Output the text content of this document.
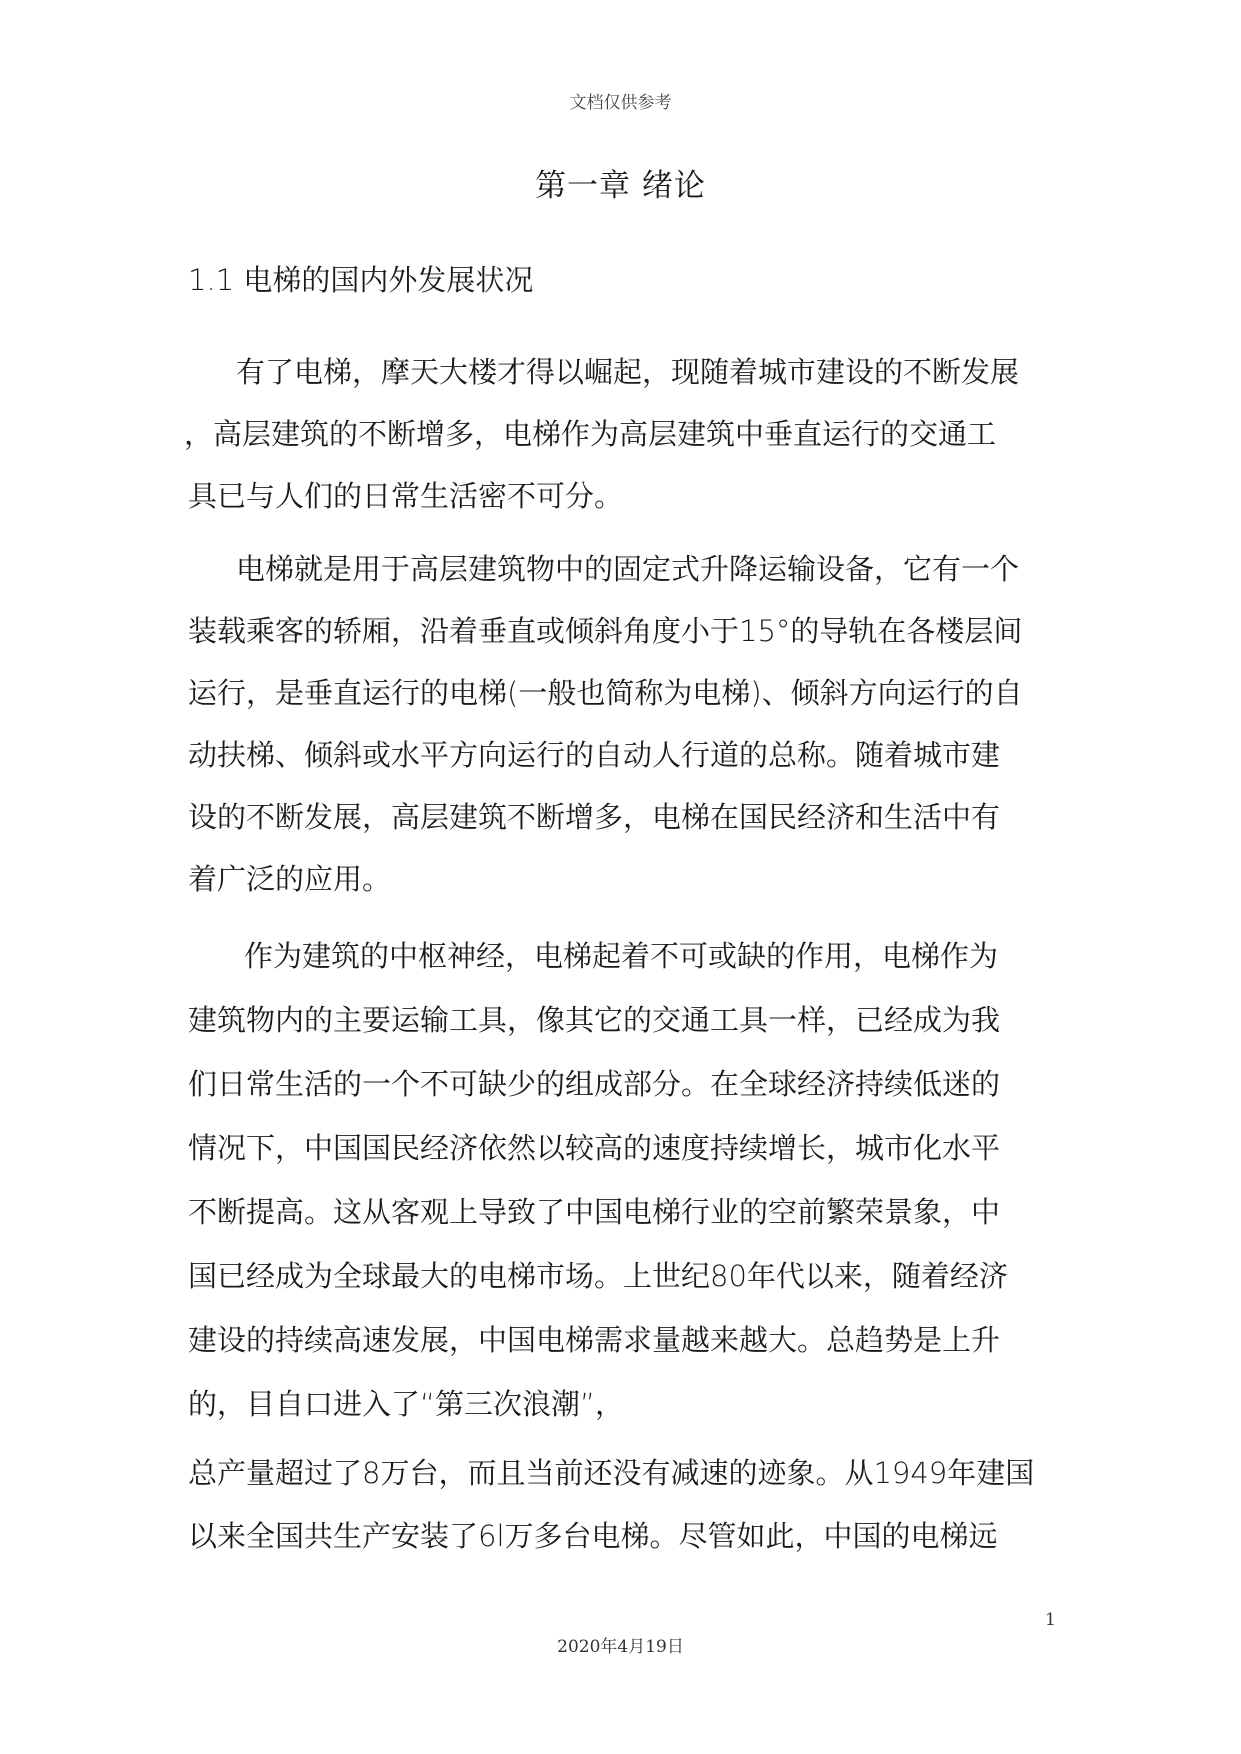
文档仅供参考
第一章 绪论
1.1 电梯的国内外发展状况
有了电梯，摩天大楼才得以崛起，现随着城市建设的不断发展
，高层建筑的不断增多，电梯作为高层建筑中垂直运行的交通工
具已与人们的日常生活密不可分。
电梯就是用于高层建筑物中的固定式升降运输设备，它有一个
装载乘客的轿厢，沿着垂直或倾斜角度小于15°的导轨在各楼层间
运行，是垂直运行的电梯(一般也简称为电梯)、倾斜方向运行的自
动扶梯、倾斜或水平方向运行的自动人行道的总称。随着城市建
设的不断发展，高层建筑不断增多，电梯在国民经济和生活中有
着广泛的应用。
作为建筑的中枢神经，电梯起着不可或缺的作用，电梯作为
建筑物内的主要运输工具，像其它的交通工具一样，已经成为我
们日常生活的一个不可缺少的组成部分。在全球经济持续低迷的
情况下，中国国民经济依然以较高的速度持续增长，城市化水平
不断提高。这从客观上导致了中国电梯行业的空前繁荣景象，中
国已经成为全球最大的电梯市场。上世纪80年代以来，随着经济
建设的持续高速发展，中国电梯需求量越来越大。总趋势是上升
的，目自口进入了“第三次浪潮”，
总产量超过了8万台，而且当前还没有减速的迹象。从1949年建国
以来全国共生产安装了6l万多台电梯。尽管如此，中国的电梯远
1
2020年4月19日
